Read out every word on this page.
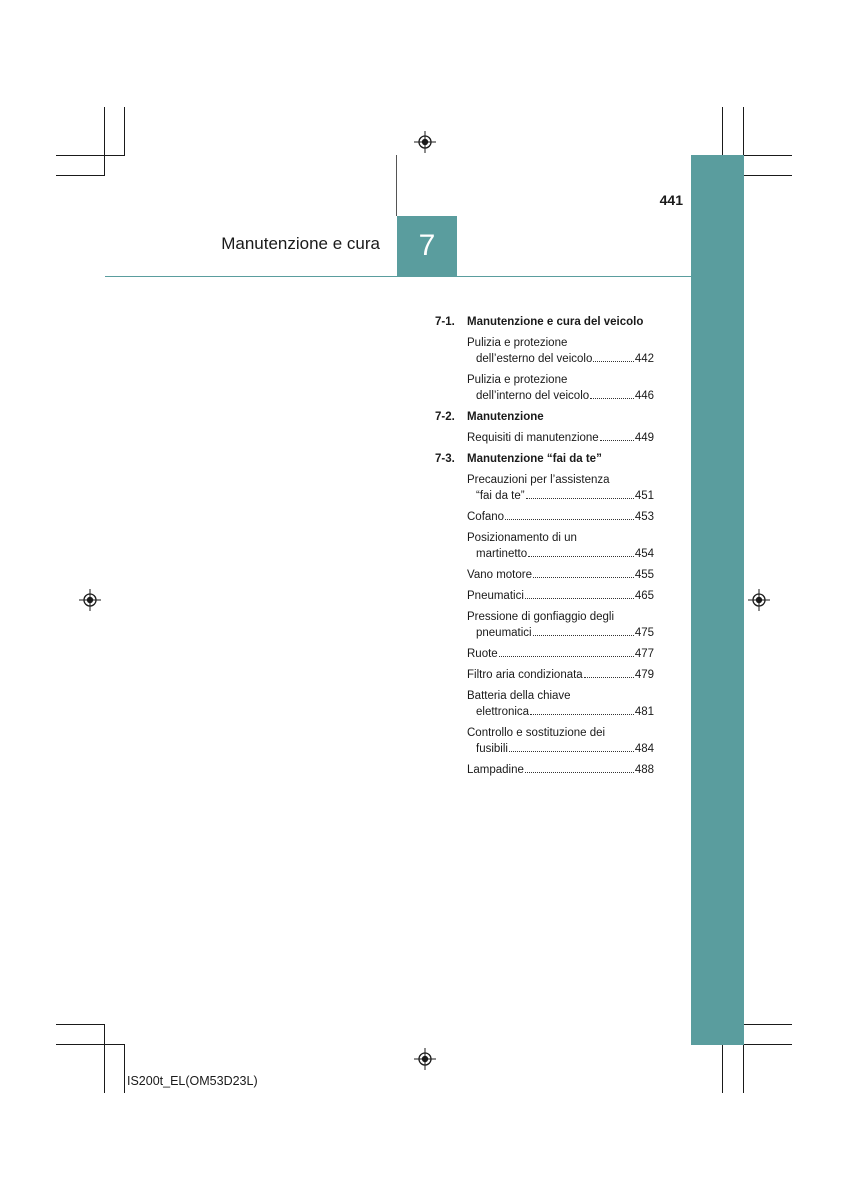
441
Manutenzione e cura	7
7-1.	Manutenzione e cura del veicolo
Pulizia e protezione
dell’esterno del veicolo	442
Pulizia e protezione
dell’interno del veicolo	446
7-2.	Manutenzione
Requisiti di manutenzione	449
7-3.	Manutenzione “fai da te”
Precauzioni per l’assistenza
“fai da te”	451
Cofano	453
Posizionamento di un
martinetto	454
Vano motore	455
Pneumatici	465
Pressione di gonfiaggio degli
pneumatici	475
Ruote	477
Filtro aria condizionata	479
Batteria della chiave
elettronica	481
Controllo e sostituzione dei
fusibili	484
Lampadine	488
IS200t_EL(OM53D23L)
